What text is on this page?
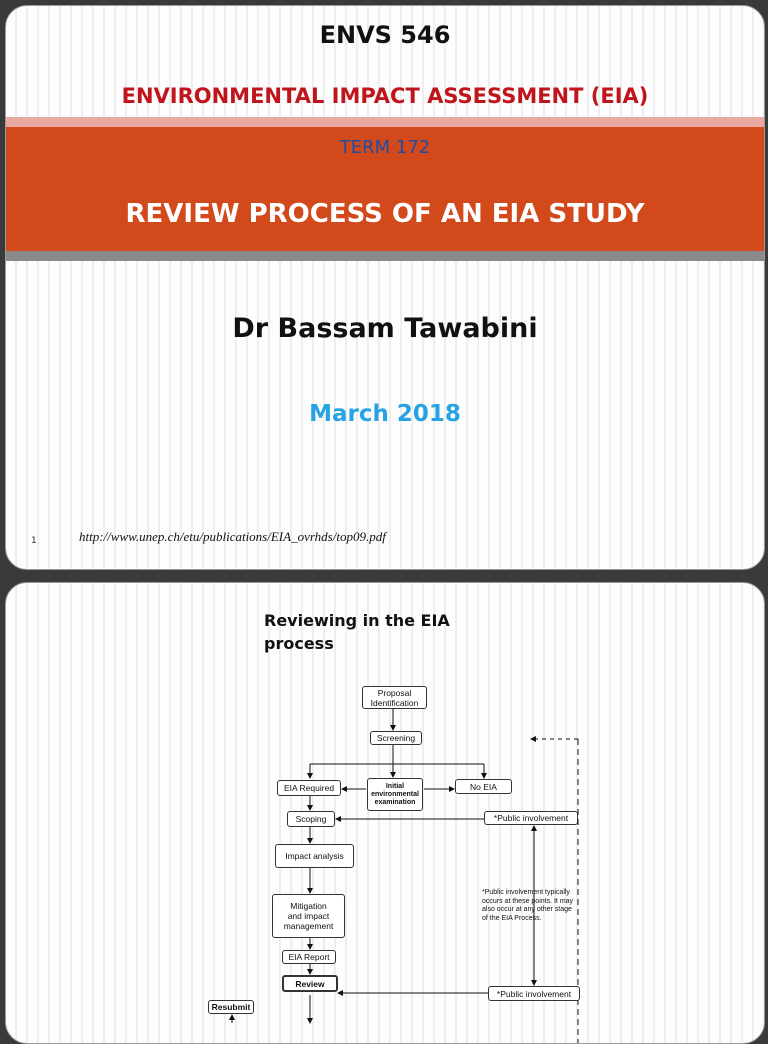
ENVS 546
ENVIRONMENTAL IMPACT ASSESSMENT (EIA)
TERM 172
REVIEW PROCESS OF AN EIA STUDY
Dr Bassam Tawabini
March 2018
1	http://www.unep.ch/etu/publications/EIA_ovrhds/top09.pdf
Reviewing in the EIA
process
Proposal
Identification
Screening
EIA Required	Initial
environmental
examination
No EIA
Scoping	*Public involvement
Impact analysis
Mitigation
and impact
management
EIA Report
Review
*Public involvement
Resubmit
*Public involvement typically
occurs at these points. It may
also occur at any other stage
of the EIA Process.
